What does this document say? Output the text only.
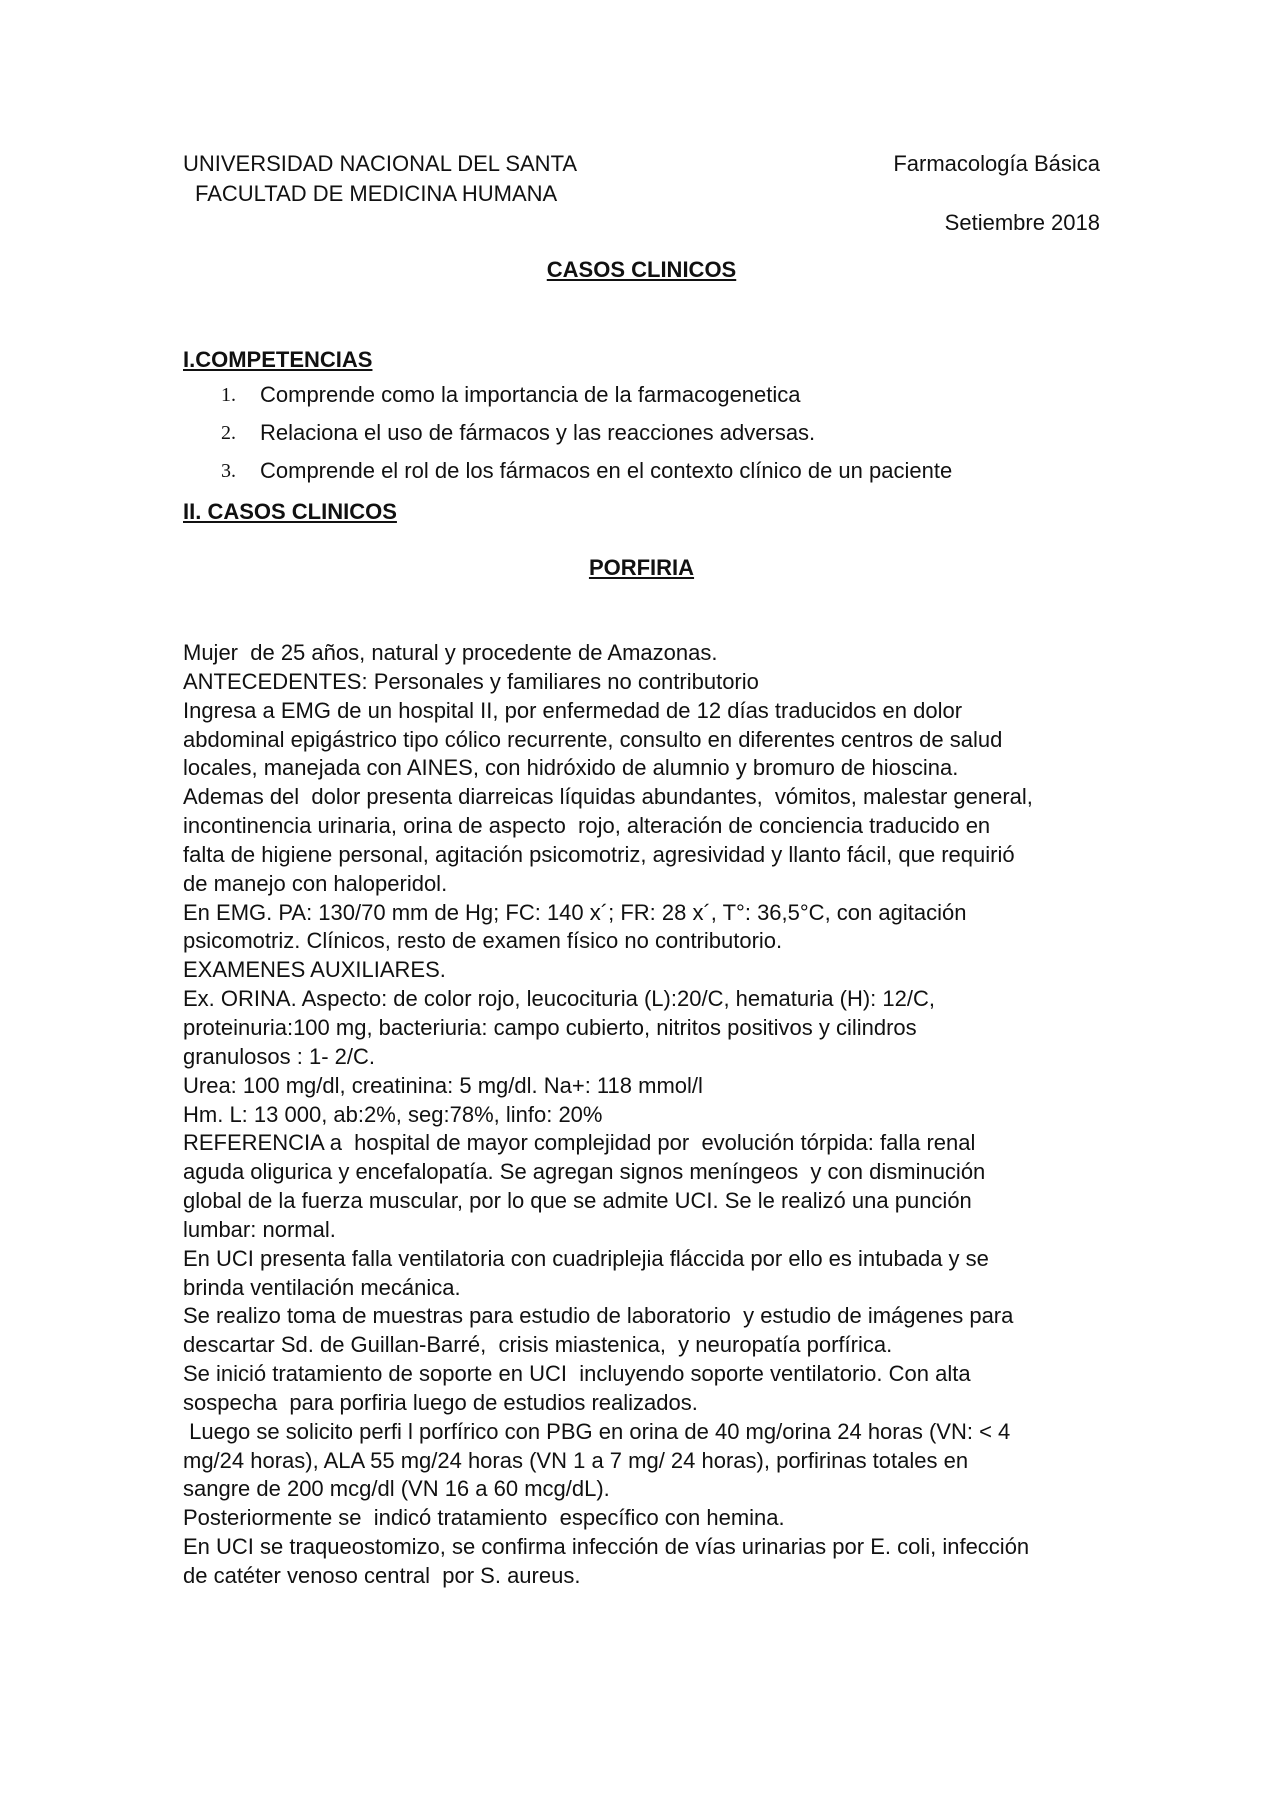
UNIVERSIDAD NACIONAL DEL SANTA
FACULTAD DE MEDICINA HUMANA
Farmacología Básica
Setiembre 2018
CASOS CLINICOS
I.COMPETENCIAS
1. Comprende como la importancia de la farmacogenetica
2. Relaciona el uso de fármacos y las reacciones adversas.
3. Comprende el rol de los fármacos en el contexto clínico de un paciente
II. CASOS CLINICOS
PORFIRIA
Mujer  de 25 años, natural y procedente de Amazonas.
ANTECEDENTES: Personales y familiares no contributorio
Ingresa a EMG de un hospital II, por enfermedad de 12 días traducidos en dolor
abdominal epigástrico tipo cólico recurrente, consulto en diferentes centros de salud
locales, manejada con AINES, con hidróxido de alumnio y bromuro de hioscina.
Ademas del  dolor presenta diarreicas líquidas abundantes,  vómitos, malestar general,
incontinencia urinaria, orina de aspecto  rojo, alteración de conciencia traducido en
falta de higiene personal, agitación psicomotriz, agresividad y llanto fácil, que requirió
de manejo con haloperidol.
En EMG. PA: 130/70 mm de Hg; FC: 140 x´; FR: 28 x´, T°: 36,5°C, con agitación
psicomotriz. Clínicos, resto de examen físico no contributorio.
EXAMENES AUXILIARES.
Ex. ORINA. Aspecto: de color rojo, leucocituria (L):20/C, hematuria (H): 12/C,
proteinuria:100 mg, bacteriuria: campo cubierto, nitritos positivos y cilindros
granulosos : 1- 2/C.
Urea: 100 mg/dl, creatinina: 5 mg/dl. Na+: 118 mmol/l
Hm. L: 13 000, ab:2%, seg:78%, linfo: 20%
REFERENCIA a  hospital de mayor complejidad por  evolución tórpida: falla renal
aguda oligurica y encefalopatía. Se agregan signos meníngeos  y con disminución
global de la fuerza muscular, por lo que se admite UCI. Se le realizó una punción
lumbar: normal.
En UCI presenta falla ventilatoria con cuadriplejia fláccida por ello es intubada y se
brinda ventilación mecánica.
Se realizo toma de muestras para estudio de laboratorio  y estudio de imágenes para
descartar Sd. de Guillan-Barré,  crisis miastenica,  y neuropatía porfírica.
Se inició tratamiento de soporte en UCI  incluyendo soporte ventilatorio. Con alta
sospecha  para porfiria luego de estudios realizados.
Luego se solicito perfi l porfírico con PBG en orina de 40 mg/orina 24 horas (VN: < 4
mg/24 horas), ALA 55 mg/24 horas (VN 1 a 7 mg/ 24 horas), porfirinas totales en
sangre de 200 mcg/dl (VN 16 a 60 mcg/dL).
Posteriormente se  indicó tratamiento  específico con hemina.
En UCI se traqueostomizo, se confirma infección de vías urinarias por E. coli, infección
de catéter venoso central  por S. aureus.
